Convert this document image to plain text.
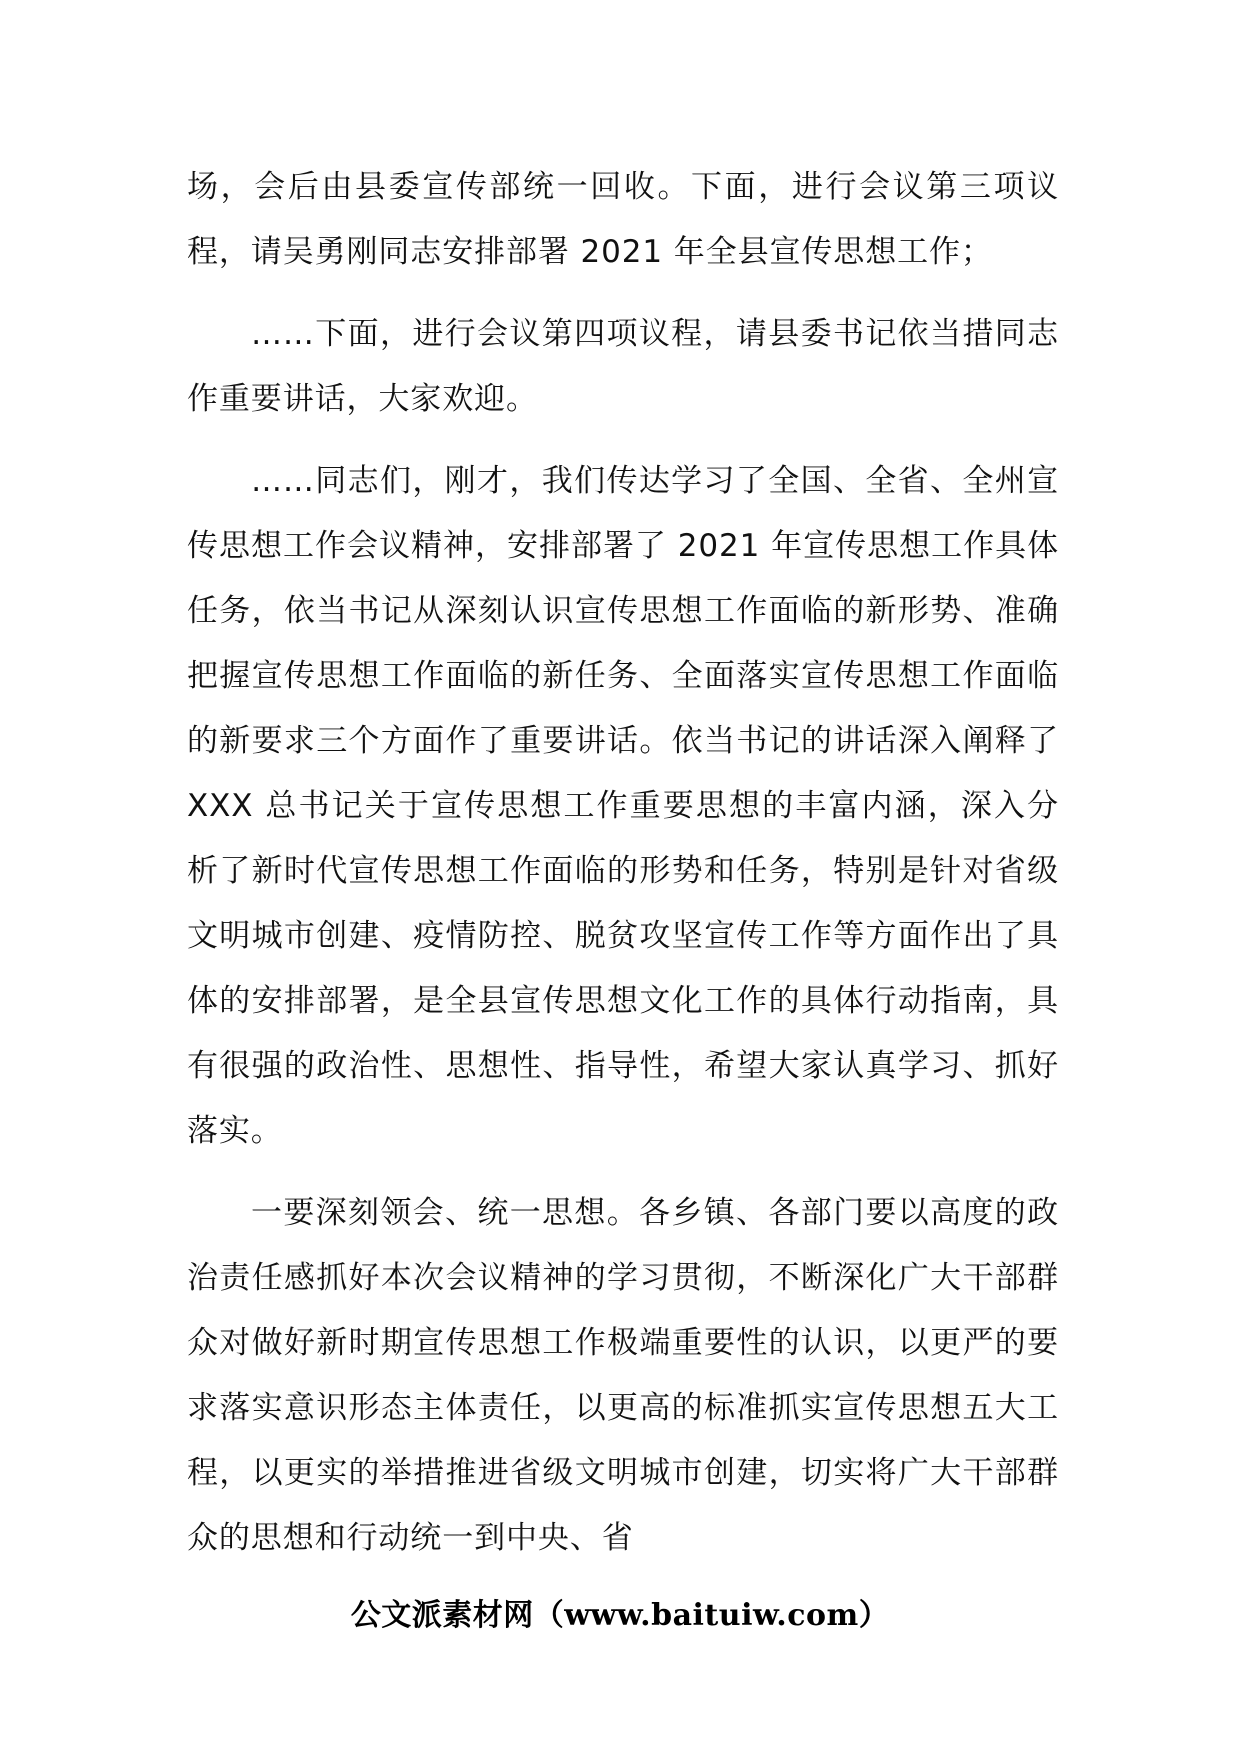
场，会后由县委宣传部统一回收。下面，进行会议第三项议程，请吴勇刚同志安排部署 2021 年全县宣传思想工作；

……下面，进行会议第四项议程，请县委书记依当措同志作重要讲话，大家欢迎。

……同志们，刚才，我们传达学习了全国、全省、全州宣传思想工作会议精神，安排部署了 2021 年宣传思想工作具体任务，依当书记从深刻认识宣传思想工作面临的新形势、准确把握宣传思想工作面临的新任务、全面落实宣传思想工作面临的新要求三个方面作了重要讲话。依当书记的讲话深入阐释了 XXX 总书记关于宣传思想工作重要思想的丰富内涵，深入分析了新时代宣传思想工作面临的形势和任务，特别是针对省级文明城市创建、疫情防控、脱贫攻坚宣传工作等方面作出了具体的安排部署，是全县宣传思想文化工作的具体行动指南，具有很强的政治性、思想性、指导性，希望大家认真学习、抓好落实。

一要深刻领会、统一思想。各乡镇、各部门要以高度的政治责任感抓好本次会议精神的学习贯彻，不断深化广大干部群众对做好新时期宣传思想工作极端重要性的认识，以更严的要求落实意识形态主体责任，以更高的标准抓实宣传思想五大工程，以更实的举措推进省级文明城市创建，切实将广大干部群众的思想和行动统一到中央、省

公文派素材网（www.baituiw.com）
